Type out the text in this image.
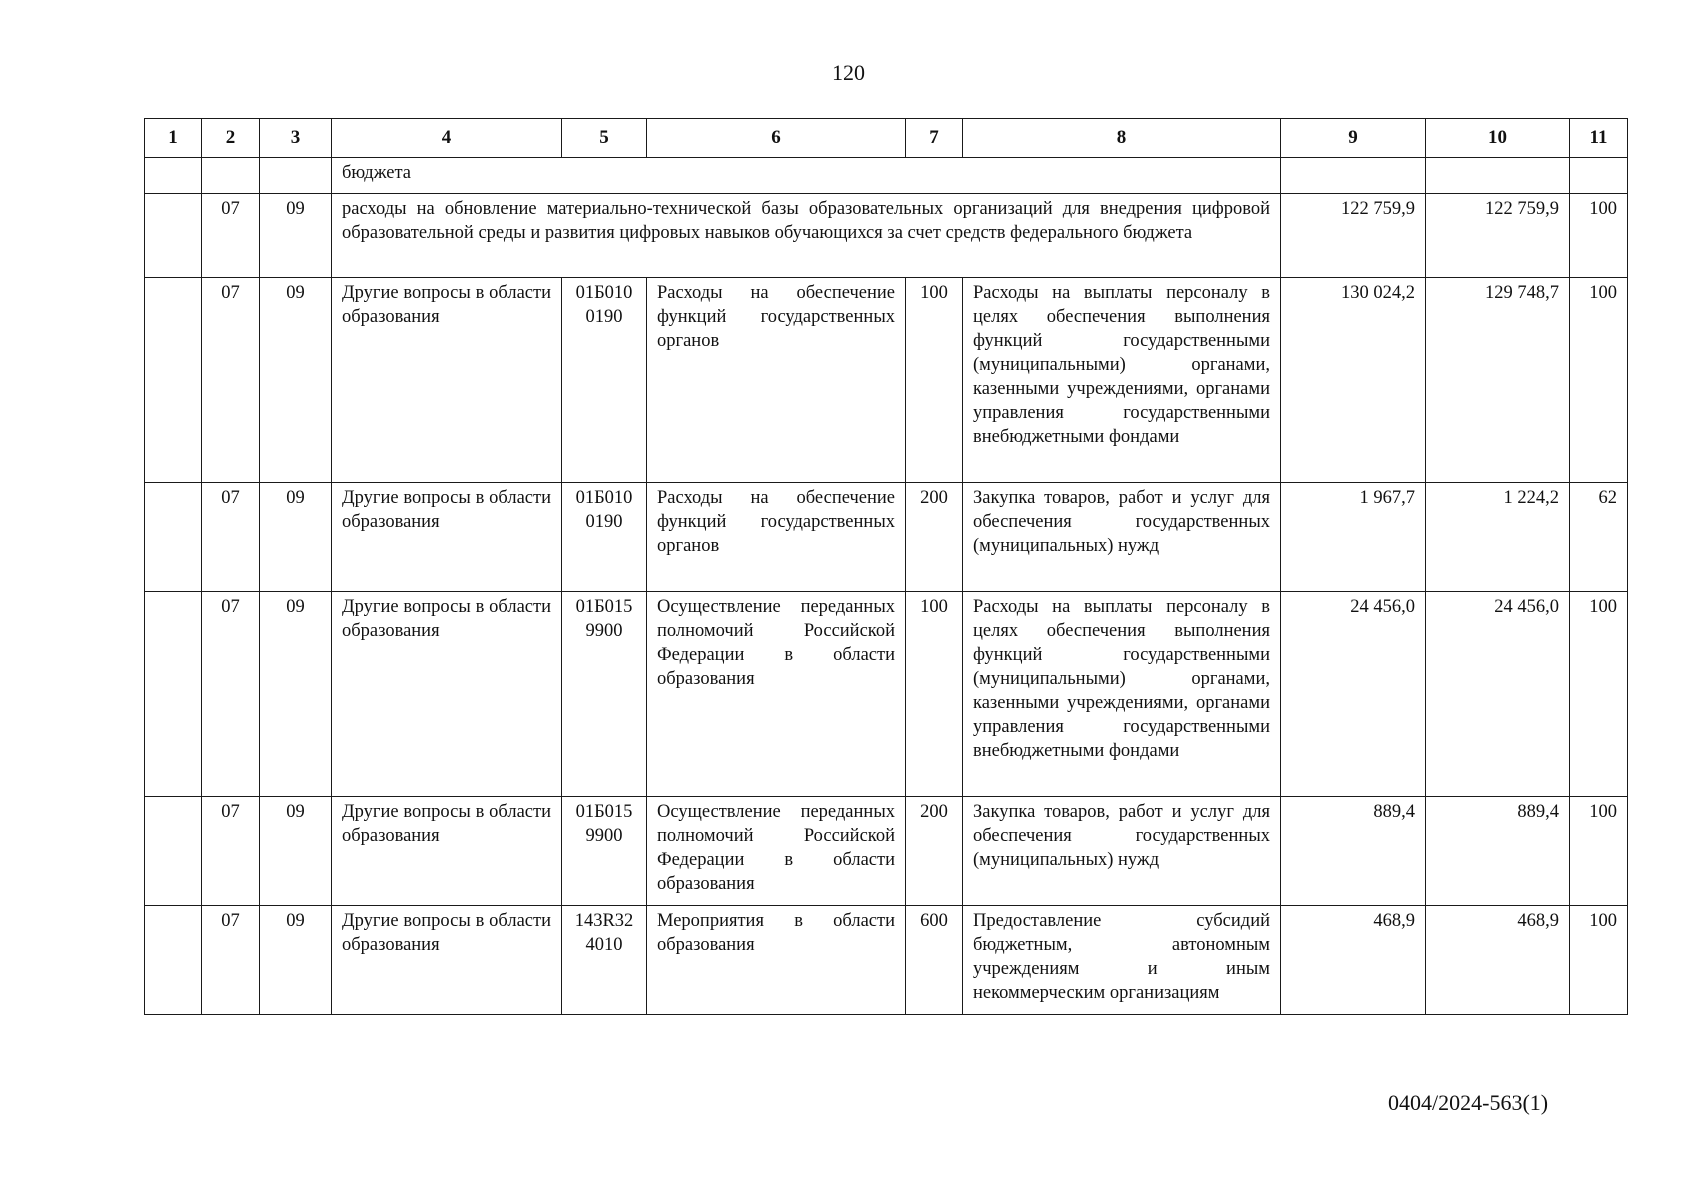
120
1	2	3	4	5	6	7	8	9	10	11
			бюджета							
	07	09	расходы на обновление материально-технической базы образовательных организаций для внедрения цифровой образовательной среды и развития цифровых навыков обучающихся за счет средств федерального бюджета					122 759,9	122 759,9	100
	07	09	Другие вопросы в области образования	01Б010 0190	Расходы на обеспечение функций государственных органов	100	Расходы на выплаты персоналу в целях обеспечения выполнения функций государственными (муниципальными) органами, казенными учреждениями, органами управления государственными внебюджетными фондами	130 024,2	129 748,7	100
	07	09	Другие вопросы в области образования	01Б010 0190	Расходы на обеспечение функций государственных органов	200	Закупка товаров, работ и услуг для обеспечения государственных (муниципальных) нужд	1 967,7	1 224,2	62
	07	09	Другие вопросы в области образования	01Б015 9900	Осуществление переданных полномочий Российской Федерации в области образования	100	Расходы на выплаты персоналу в целях обеспечения выполнения функций государственными (муниципальными) органами, казенными учреждениями, органами управления государственными внебюджетными фондами	24 456,0	24 456,0	100
	07	09	Другие вопросы в области образования	01Б015 9900	Осуществление переданных полномочий Российской Федерации в области образования	200	Закупка товаров, работ и услуг для обеспечения государственных (муниципальных) нужд	889,4	889,4	100
	07	09	Другие вопросы в области образования	143R32 4010	Мероприятия в области образования	600	Предоставление субсидий бюджетным, автономным учреждениям и иным некоммерческим организациям	468,9	468,9	100
0404/2024-563(1)
